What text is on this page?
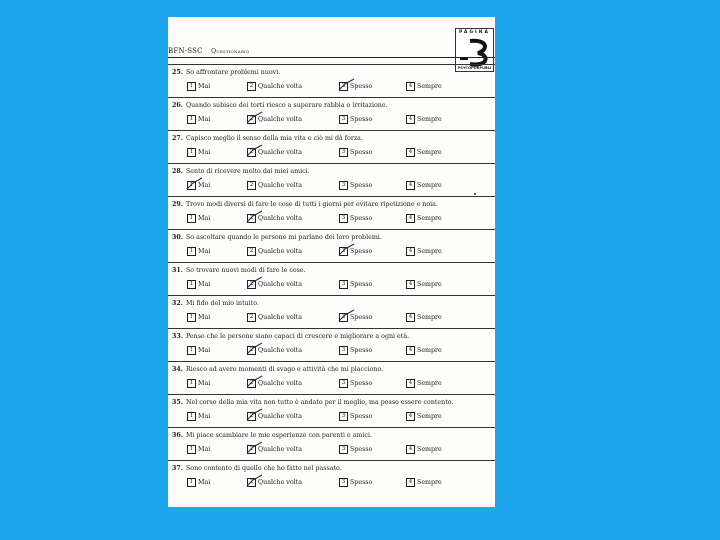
PAGINA
PSYCOPORPUBLI
BFN-SSC Questionario
25. So affrontare problemi nuovi.
1 Mai	2 Qualche volta	3 Spesso	4 Sempre
26. Quando subisco dei torti riesco a superare rabbia o irritazione.
1 Mai	2 Qualche volta	3 Spesso	4 Sempre
27. Capisco meglio il senso della mia vita e ciò mi dà forza.
1 Mai	2 Qualche volta	3 Spesso	4 Sempre
28. Sento di ricevere molto dai miei amici.
1 Mai	2 Qualche volta	3 Spesso	4 Sempre
29. Trovo modi diversi di fare le cose di tutti i giorni per evitare ripetizione e noia.
1 Mai	2 Qualche volta	3 Spesso	4 Sempre
30. So ascoltare quando le persone mi parlano dei loro problemi.
1 Mai	2 Qualche volta	3 Spesso	4 Sempre
31. So trovare nuovi modi di fare le cose.
1 Mai	2 Qualche volta	3 Spesso	4 Sempre
32. Mi fido del mio intuito.
1 Mai	2 Qualche volta	3 Spesso	4 Sempre
33. Penso che le persone siano capaci di crescere e migliorare a ogni età.
1 Mai	2 Qualche volta	3 Spesso	4 Sempre
34. Riesco ad avere momenti di svago e attività che mi piacciono.
1 Mai	2 Qualche volta	3 Spesso	4 Sempre
35. Nel corso della mia vita non tutto è andato per il meglio, ma posso essere contento.
1 Mai	2 Qualche volta	3 Spesso	4 Sempre
36. Mi piace scambiare le mie esperienze con parenti e amici.
1 Mai	2 Qualche volta	3 Spesso	4 Sempre
37. Sono contento di quello che ho fatto nel passato.
1 Mai	2 Qualche volta	3 Spesso	4 Sempre
